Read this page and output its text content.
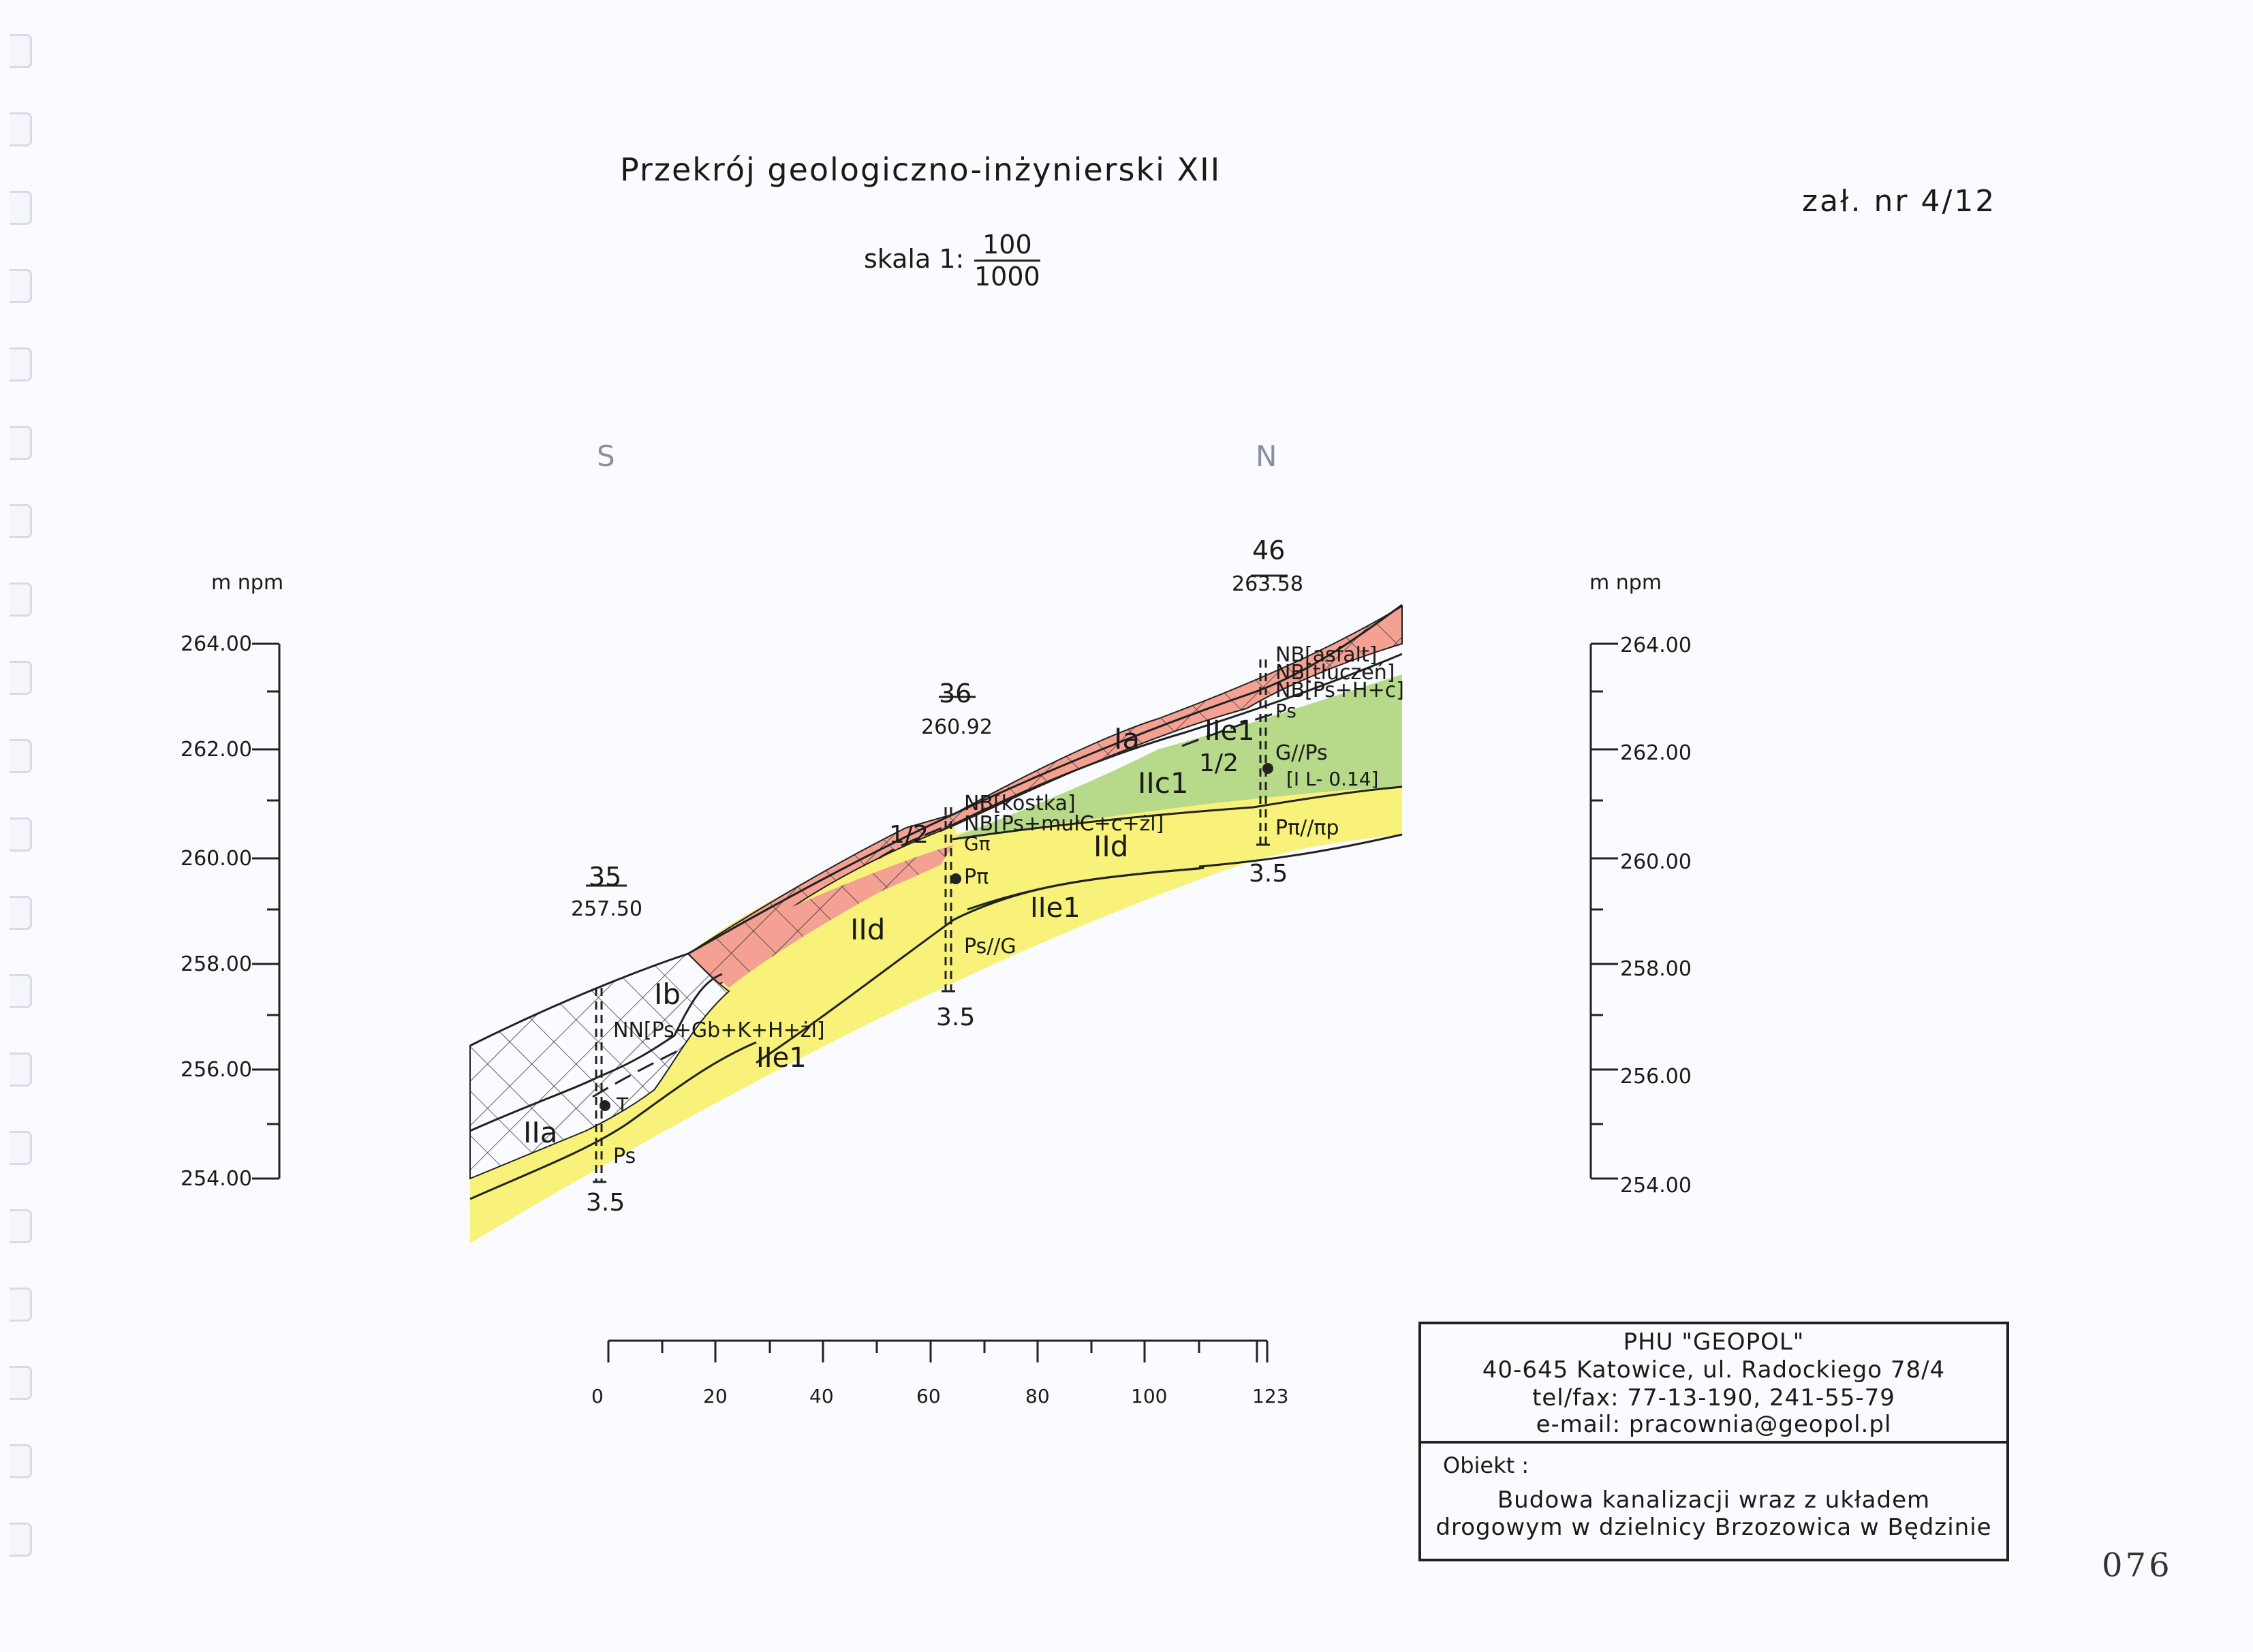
Przekrój geologiczno-inżynierski XII
zał. nr 4/12
skala 1: $\frac{100}{1000}$
S	N
m npm
264.00
262.00
260.00
258.00
256.00
254.00
m npm
264.00
262.00
260.00
258.00
256.00
254.00
35
257.50
3.5
36
260.92
3.5
46
263.58
3.5
Ia
Ib
IIa
IIc1
IId
IId
IIe1
IIe1
IIe1
1/2
1/2
NN[Ps+Gb+K+H+żl]
T
Ps
NB[kostka]
NB[Ps+mułC+c+żl]
Gπ
Pπ
Ps//G
NB[asfalt]
NB[tłuczeń]
NB[Ps+H+c]
Ps
G//Ps
[I L- 0.14]
Pπ//πp
0	20	40	60	80	100	123
PHU "GEOPOL"
40-645 Katowice, ul. Radockiego 78/4
tel/fax: 77-13-190, 241-55-79
e-mail: pracownia@geopol.pl
Obiekt :
Budowa kanalizacji wraz z układem
drogowym w dzielnicy Brzozowica w Będzinie
076
